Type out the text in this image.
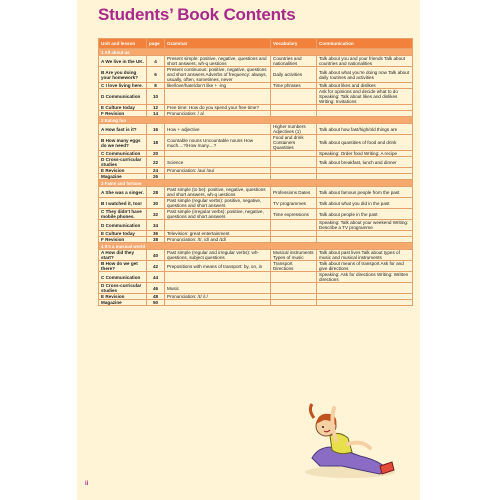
Students’ Book Contents
Unit and lesson	page	Grammar	Vocabulary	Communication
1 All about us				
A We live in the UK.	4	Present simple: positive, negative, questions and short answers, wh-q uestions	Countries and nationalities	Talk about you and your friends Talk about countries and nationalities
B Are you doing your homework?	6	Present continuous: positive, negative, questions and short answers Adverbs of frequency: always, usually, often, sometimes, never	Daily activities	Talk about what you’re doing now Talk about daily routines and activities
C I love living here.	8	like/love/hate/don’t like + -ing	Time phrases	Talk about likes and dislikes
D Communication	10			Ask for opinions and decide what to do Speaking: Talk about likes and dislikes Writing: Invitations
E Culture today	12	Free time: How do you spend your free time?		
F Revision	14	Pronunciation: / a/		
2 Eating fun				
A How fast is it?	16	How + adjective	Higher numbers Adjectives (1)	Talk about how fast/high/old things are
B How many eggs do we need?	18	Countable nouns Uncountable nouns How much....?/How many....?	Food and drink Containers Quantities	Talk about quantities of food and drink
C Communication	20			Speaking: Order food Writing: A recipe
D Cross-curricular studies	22	Science		Talk about breakfast, lunch and dinner
E Revision	24	Pronunciation: /au/ /əu/		
Magazine	26			
3 Fame and fortune				
A She was a singer.	28	Past simple (to be): positive, negative, questions and short answers, wh-q uestions	Professions Dates	Talk about famous people from the past
B I watched it, too!	30	Past simple (regular verbs): positive, negative, questions and short answers	TV programmes	Talk about what you did in the past
C They didn’t have mobile phones.	32	Past simple (irregular verbs): positive, negative, questions and short answers	Time expressions	Talk about people in the past
D Communication	34			Speaking: Talk about your weekend Writing: Describe a TV programme
E Culture today	36	Television: great entertainment		
F Revision	38	Pronunciation: /t/, /d/ and /ɪd/		
4 It’s a musical world				
A How did they start?	40	Past simple (regular and irregular verbs): wh- questions, subject questions	Musical instruments Types of music	Talk about past lives Talk about types of music and musical instruments
B How do we get there?	42	Prepositions with means of transport: by, on, in	Transport Directions	Talk about means of transport Ask for and give directions
C Communication	44			Speaking: Ask for directions Writing: Written directions
D Cross-curricular studies	46	Music		
E Revision	48	Pronunciation: /ɪ/ /iː/		
Magazine	50			
ii
